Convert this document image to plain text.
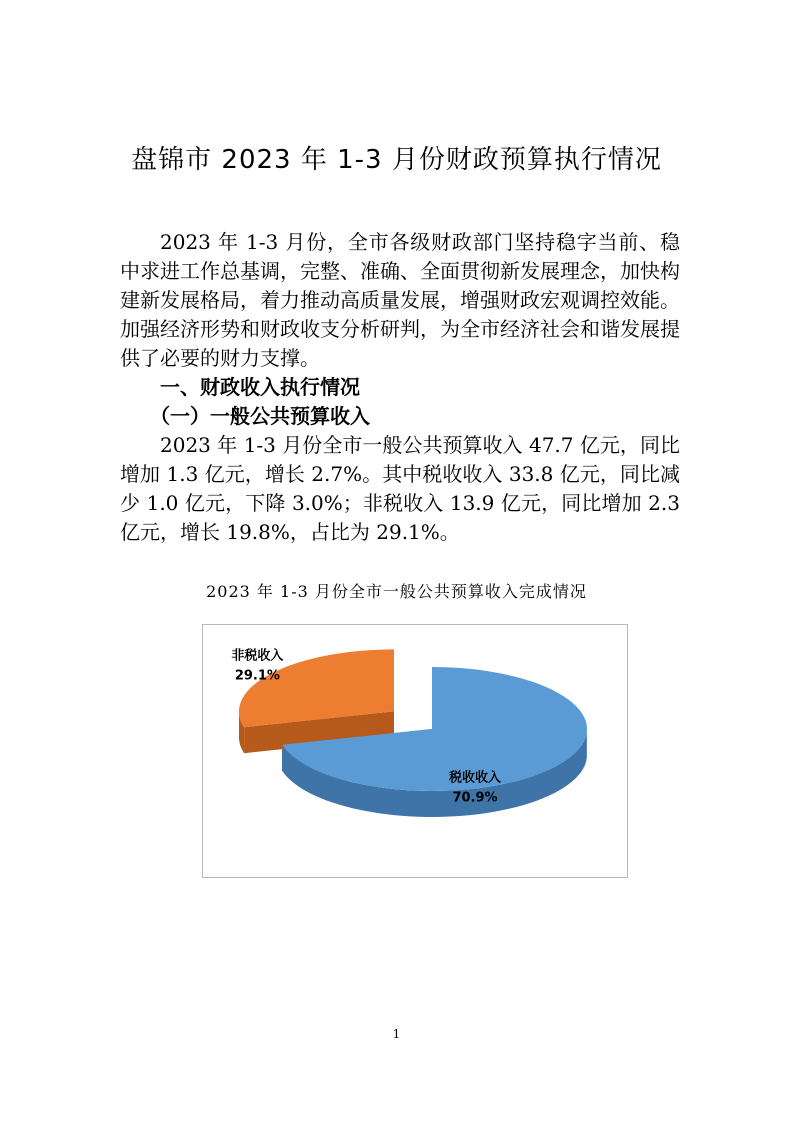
盘锦市 2023 年 1-3 月份财政预算执行情况

2023 年 1-3 月份，全市各级财政部门坚持稳字当前、稳中求进工作总基调，完整、准确、全面贯彻新发展理念，加快构建新发展格局，着力推动高质量发展，增强财政宏观调控效能。加强经济形势和财政收支分析研判，为全市经济社会和谐发展提供了必要的财力支撑。

一、财政收入执行情况

（一）一般公共预算收入

2023 年 1-3 月份全市一般公共预算收入 47.7 亿元，同比增加 1.3 亿元，增长 2.7%。其中税收收入 33.8 亿元，同比减少 1.0 亿元，下降 3.0%；非税收入 13.9 亿元，同比增加 2.3 亿元，增长 19.8%，占比为 29.1%。

2023 年 1-3 月份全市一般公共预算收入完成情况
税收收入
70.9%
非税收入
29.1%
1
